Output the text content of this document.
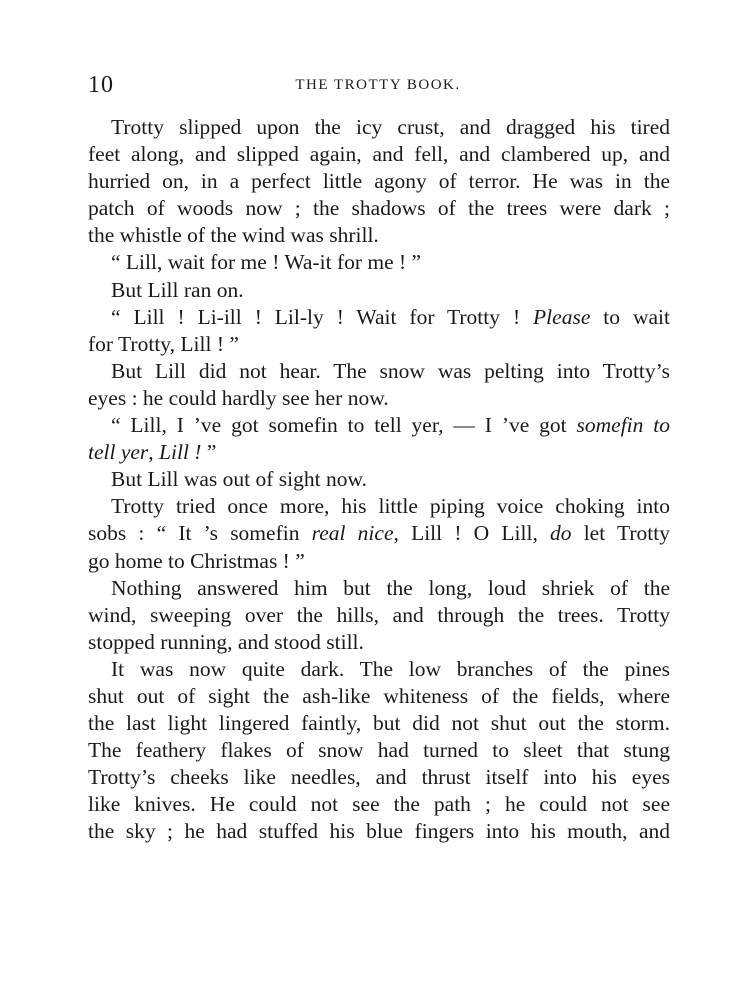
10	THE TROTTY BOOK.
Trotty slipped upon the icy crust, and dragged his tired
feet along, and slipped again, and fell, and clambered up, and
hurried on, in a perfect little agony of terror. He was in the
patch of woods now ; the shadows of the trees were dark ;
the whistle of the wind was shrill.
“ Lill, wait for me ! Wa-it for me ! ”
But Lill ran on.
“ Lill ! Li-ill ! Lil-ly ! Wait for Trotty ! Please to wait
for Trotty, Lill ! ”
But Lill did not hear. The snow was pelting into Trotty’s
eyes : he could hardly see her now.
“ Lill, I ’ve got somefin to tell yer, — I ’ve got somefin to
tell yer, Lill ! ”
But Lill was out of sight now.
Trotty tried once more, his little piping voice choking into
sobs : “ It ’s somefin real nice, Lill ! O Lill, do let Trotty
go home to Christmas ! ”
Nothing answered him but the long, loud shriek of the
wind, sweeping over the hills, and through the trees. Trotty
stopped running, and stood still.
It was now quite dark. The low branches of the pines
shut out of sight the ash-like whiteness of the fields, where
the last light lingered faintly, but did not shut out the storm.
The feathery flakes of snow had turned to sleet that stung
Trotty’s cheeks like needles, and thrust itself into his eyes
like knives. He could not see the path ; he could not see
the sky ; he had stuffed his blue fingers into his mouth, and
